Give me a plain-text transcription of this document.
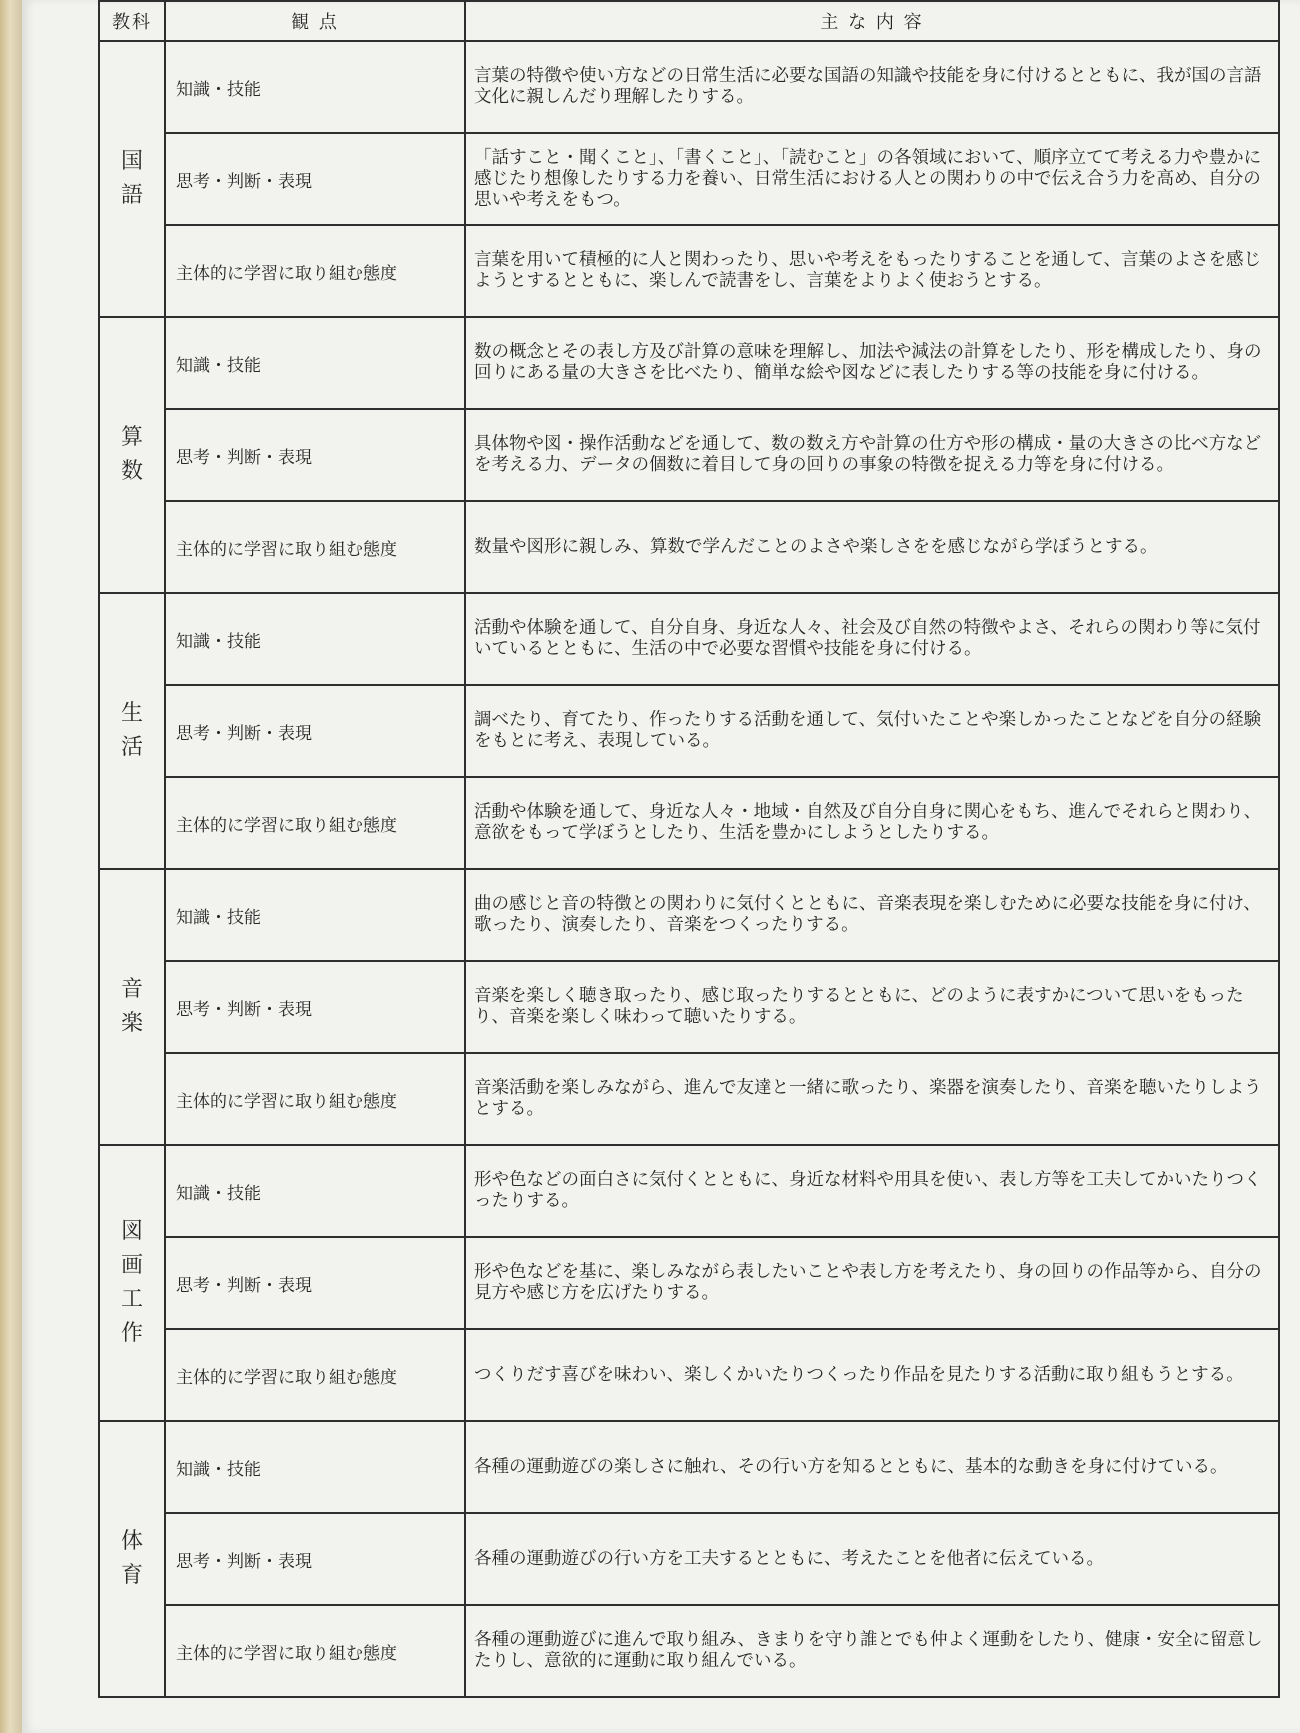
教科	観 点	主 な 内 容
国語	知識・技能	言葉の特徴や使い方などの日常生活に必要な国語の知識や技能を身に付けるとともに、我が国の言語文化に親しんだり理解したりする。
	思考・判断・表現	「話すこと・聞くこと」、「書くこと」、「読むこと」の各領域において、順序立てて考える力や豊かに感じたり想像したりする力を養い、日常生活における人との関わりの中で伝え合う力を高め、自分の思いや考えをもつ。
	主体的に学習に取り組む態度	言葉を用いて積極的に人と関わったり、思いや考えをもったりすることを通して、言葉のよさを感じようとするとともに、楽しんで読書をし、言葉をよりよく使おうとする。
算数	知識・技能	数の概念とその表し方及び計算の意味を理解し、加法や減法の計算をしたり、形を構成したり、身の回りにある量の大きさを比べたり、簡単な絵や図などに表したりする等の技能を身に付ける。
	思考・判断・表現	具体物や図・操作活動などを通して、数の数え方や計算の仕方や形の構成・量の大きさの比べ方などを考える力、データの個数に着目して身の回りの事象の特徴を捉える力等を身に付ける。
	主体的に学習に取り組む態度	数量や図形に親しみ、算数で学んだことのよさや楽しさをを感じながら学ぼうとする。
生活	知識・技能	活動や体験を通して、自分自身、身近な人々、社会及び自然の特徴やよさ、それらの関わり等に気付いているとともに、生活の中で必要な習慣や技能を身に付ける。
	思考・判断・表現	調べたり、育てたり、作ったりする活動を通して、気付いたことや楽しかったことなどを自分の経験をもとに考え、表現している。
	主体的に学習に取り組む態度	活動や体験を通して、身近な人々・地域・自然及び自分自身に関心をもち、進んでそれらと関わり、意欲をもって学ぼうとしたり、生活を豊かにしようとしたりする。
音楽	知識・技能	曲の感じと音の特徴との関わりに気付くとともに、音楽表現を楽しむために必要な技能を身に付け、歌ったり、演奏したり、音楽をつくったりする。
	思考・判断・表現	音楽を楽しく聴き取ったり、感じ取ったりするとともに、どのように表すかについて思いをもったり、音楽を楽しく味わって聴いたりする。
	主体的に学習に取り組む態度	音楽活動を楽しみながら、進んで友達と一緒に歌ったり、楽器を演奏したり、音楽を聴いたりしようとする。
図画工作	知識・技能	形や色などの面白さに気付くとともに、身近な材料や用具を使い、表し方等を工夫してかいたりつくったりする。
	思考・判断・表現	形や色などを基に、楽しみながら表したいことや表し方を考えたり、身の回りの作品等から、自分の見方や感じ方を広げたりする。
	主体的に学習に取り組む態度	つくりだす喜びを味わい、楽しくかいたりつくったり作品を見たりする活動に取り組もうとする。
体育	知識・技能	各種の運動遊びの楽しさに触れ、その行い方を知るとともに、基本的な動きを身に付けている。
	思考・判断・表現	各種の運動遊びの行い方を工夫するとともに、考えたことを他者に伝えている。
	主体的に学習に取り組む態度	各種の運動遊びに進んで取り組み、きまりを守り誰とでも仲よく運動をしたり、健康・安全に留意したりし、意欲的に運動に取り組んでいる。
